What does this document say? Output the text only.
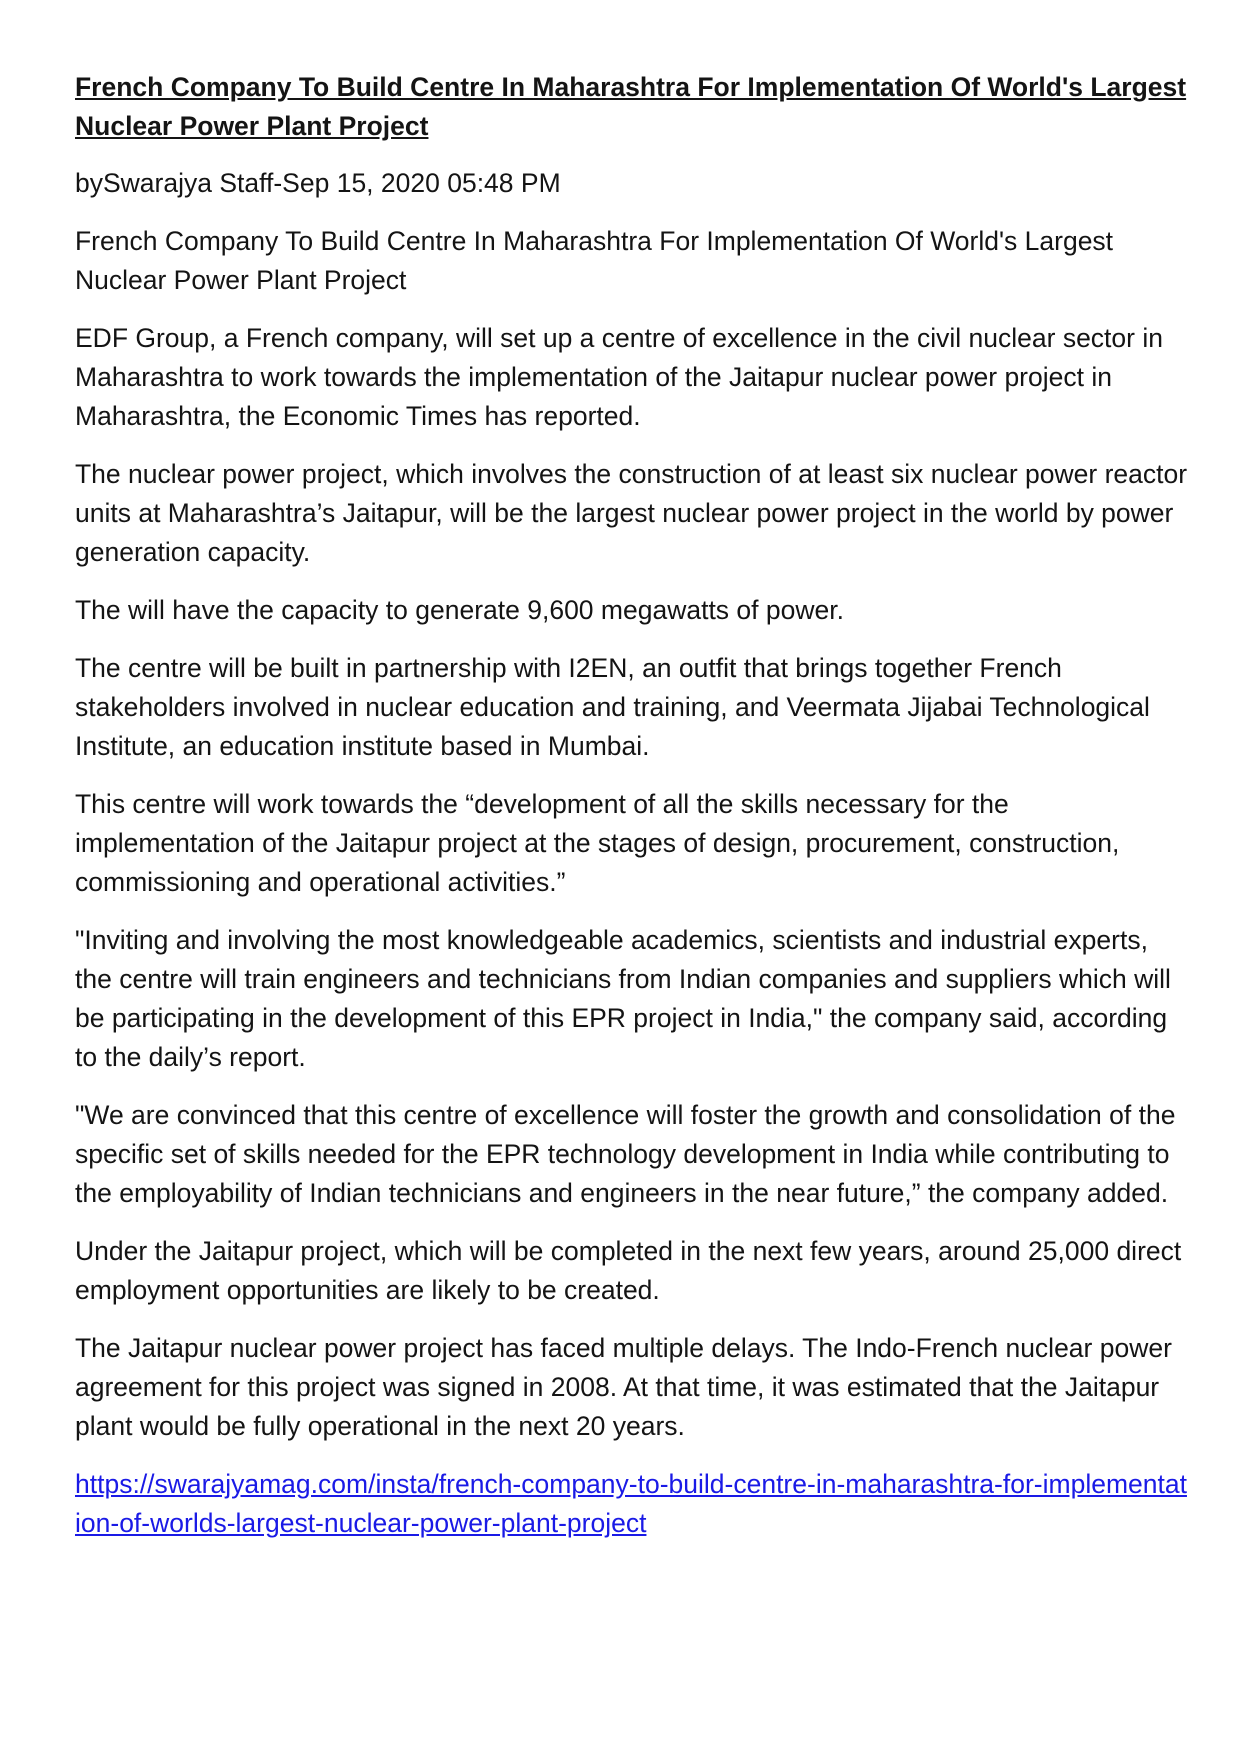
French Company To Build Centre In Maharashtra For Implementation Of World's Largest Nuclear Power Plant Project
bySwarajya Staff-Sep 15, 2020 05:48 PM

French Company To Build Centre In Maharashtra For Implementation Of World's Largest Nuclear Power Plant Project

EDF Group, a French company, will set up a centre of excellence in the civil nuclear sector in Maharashtra to work towards the implementation of the Jaitapur nuclear power project in Maharashtra, the Economic Times has reported.

The nuclear power project, which involves the construction of at least six nuclear power reactor units at Maharashtra’s Jaitapur, will be the largest nuclear power project in the world by power generation capacity.

The will have the capacity to generate 9,600 megawatts of power.

The centre will be built in partnership with I2EN, an outfit that brings together French stakeholders involved in nuclear education and training, and Veermata Jijabai Technological Institute, an education institute based in Mumbai.

This centre will work towards the “development of all the skills necessary for the implementation of the Jaitapur project at the stages of design, procurement, construction, commissioning and operational activities.”

"Inviting and involving the most knowledgeable academics, scientists and industrial experts, the centre will train engineers and technicians from Indian companies and suppliers which will be participating in the development of this EPR project in India," the company said, according to the daily’s report.

"We are convinced that this centre of excellence will foster the growth and consolidation of the specific set of skills needed for the EPR technology development in India while contributing to the employability of Indian technicians and engineers in the near future,” the company added.

Under the Jaitapur project, which will be completed in the next few years, around 25,000 direct employment opportunities are likely to be created.

The Jaitapur nuclear power project has faced multiple delays. The Indo-French nuclear power agreement for this project was signed in 2008. At that time, it was estimated that the Jaitapur plant would be fully operational in the next 20 years.

https://swarajyamag.com/insta/french-company-to-build-centre-in-maharashtra-for-implementation-of-worlds-largest-nuclear-power-plant-project
